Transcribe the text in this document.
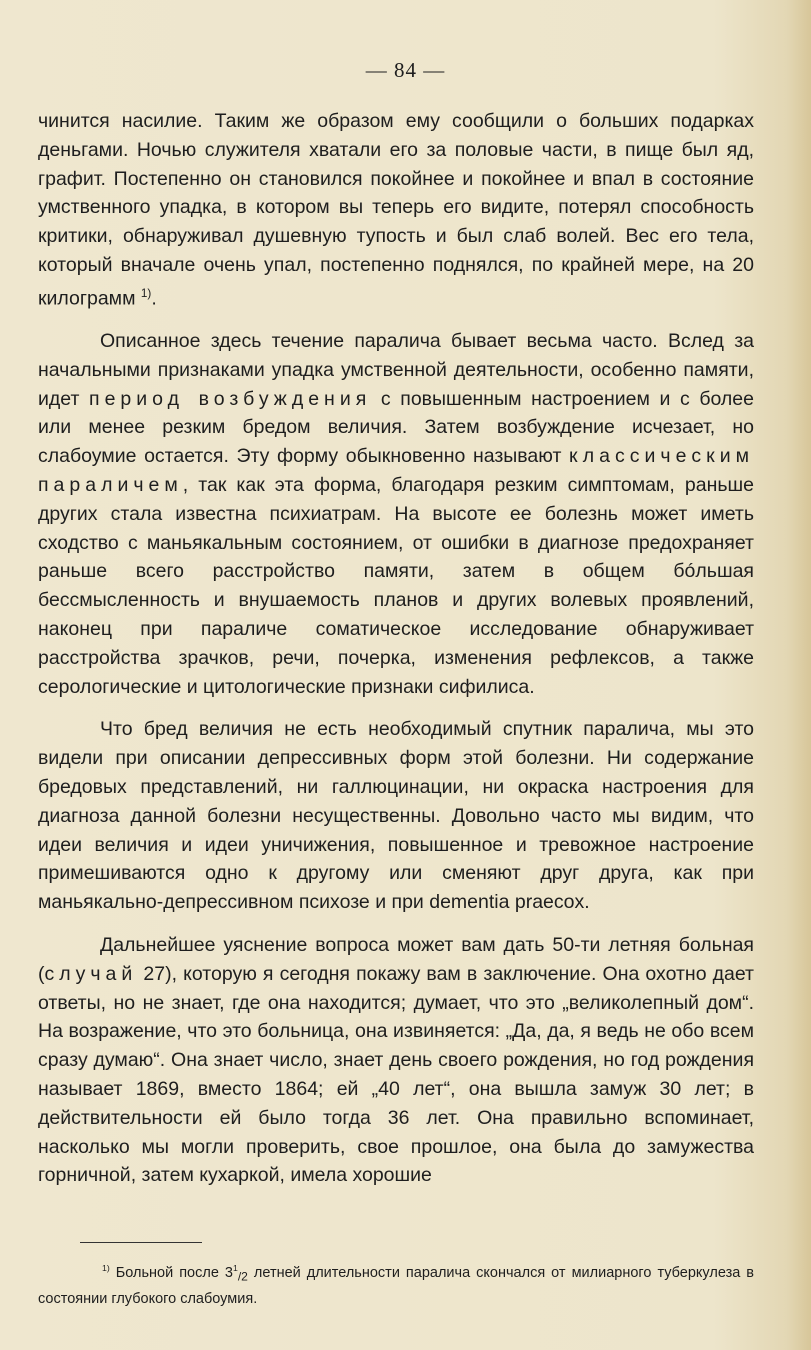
— 84 —

чинится насилие. Таким же образом ему сообщили о больших подарках деньгами. Ночью служителя хватали его за половые части, в пище был яд, графит. Постепенно он становился покойнее и покойнее и впал в состояние умственного упадка, в котором вы теперь его видите, потерял способность критики, обнаруживал душевную тупость и был слаб волей. Вес его тела, который вначале очень упал, постепенно поднялся, по крайней мере, на 20 килограмм $^{1)}$.

Описанное здесь течение паралича бывает весьма часто. Вслед за начальными признаками упадка умственной деятельности, особенно памяти, идет период возбуждения с повышенным настроением и с более или менее резким бредом величия. Затем возбуждение исчезает, но слабоумие остается. Эту форму обыкновенно называют классическим параличем, так как эта форма, благодаря резким симптомам, раньше других стала известна психиатрам. На высоте ее болезнь может иметь сходство с маньякальным состоянием, от ошибки в диагнозе предохраняет раньше всего расстройство памяти, затем в общем бóльшая бессмысленность и внушаемость планов и других волевых проявлений, наконец при параличе соматическое исследование обнаруживает расстройства зрачков, речи, почерка, изменения рефлексов, а также серологические и цитологические признаки сифилиса.

Что бред величия не есть необходимый спутник паралича, мы это видели при описании депрессивных форм этой болезни. Ни содержание бредовых представлений, ни галлюцинации, ни окраска настроения для диагноза данной болезни несущественны. Довольно часто мы видим, что идеи величия и идеи уничижения, повышенное и тревожное настроение примешиваются одно к другому или сменяют друг друга, как при маньякально-депрессивном психозе и при dementia praecox.

Дальнейшее уяснение вопроса может вам дать 50-ти летняя больная (случай 27), которую я сегодня покажу вам в заключение. Она охотно дает ответы, но не знает, где она находится; думает, что это „великолепный дом“. На возражение, что это больница, она извиняется: „Да, да, я ведь не обо всем сразу думаю“. Она знает число, знает день своего рождения, но год рождения называет 1869, вместо 1864; ей „40 лет“, она вышла замуж 30 лет; в действительности ей было тогда 36 лет. Она правильно вспоминает, насколько мы могли проверить, свое прошлое, она была до замужества горничной, затем кухаркой, имела хорошие

$^{1)}$ Больной после $3^1_{/2}$ летней длительности паралича скончался от милиарного туберкулеза в состоянии глубокого слабоумия.
